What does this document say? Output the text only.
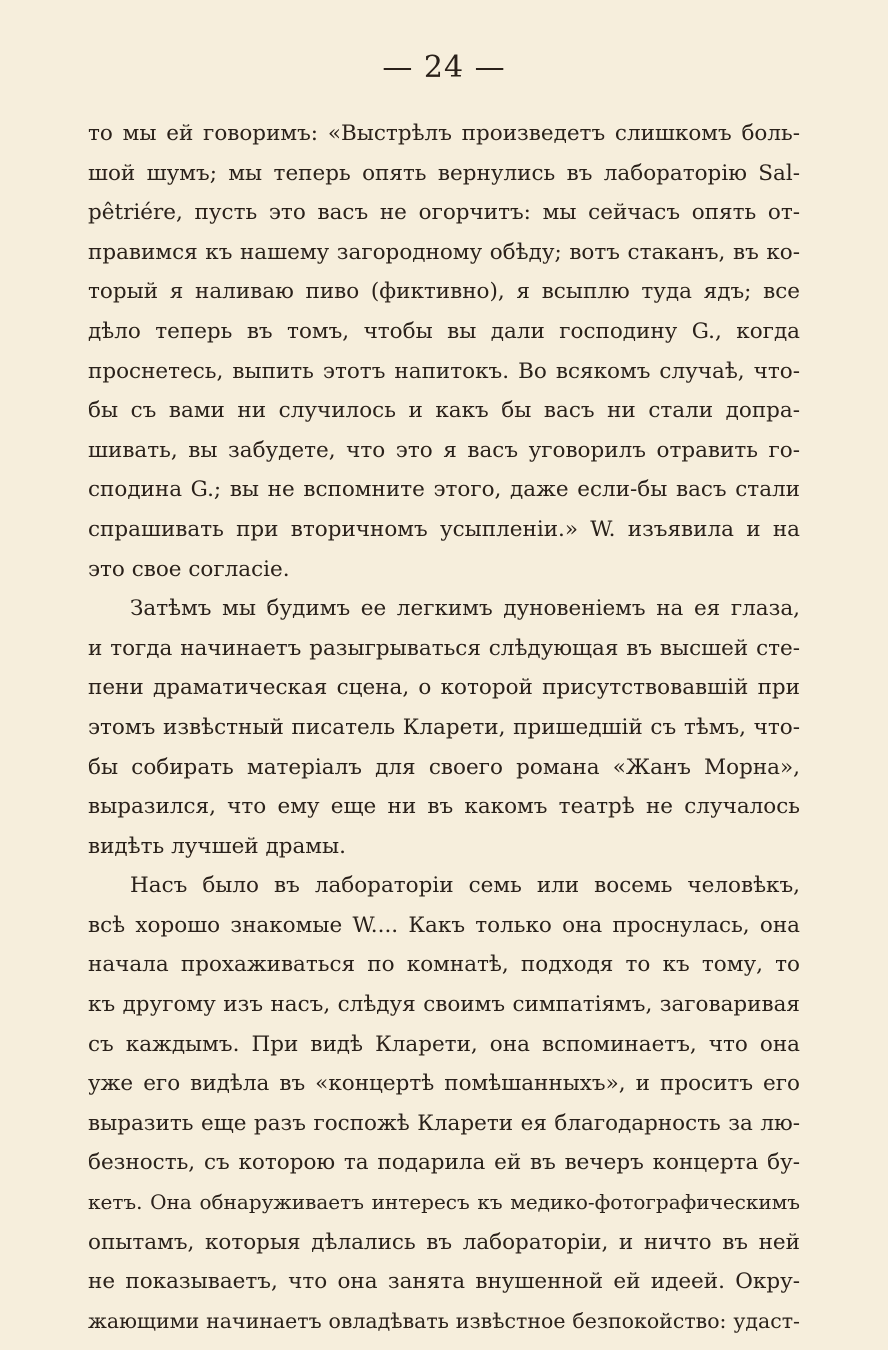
— 24 —
то мы ей говоримъ: «Выстрѣлъ произведетъ слишкомъ боль-
шой шумъ; мы теперь опять вернулись въ лабораторію Sal-
pêtriére, пусть это васъ не огорчитъ: мы сейчасъ опять от-
правимся къ нашему загородному обѣду; вотъ стаканъ, въ ко-
торый я наливаю пиво (фиктивно), я всыплю туда ядъ; все
дѣло теперь въ томъ, чтобы вы дали господину G., когда
проснетесь, выпить этотъ напитокъ. Во всякомъ случаѣ, что-
бы съ вами ни случилось и какъ бы васъ ни стали допра-
шивать, вы забудете, что это я васъ уговорилъ отравить го-
сподина G.; вы не вспомните этого, даже если-бы васъ стали
спрашивать при вторичномъ усыпленіи.» W. изъявила и на
это свое согласіе.
Затѣмъ мы будимъ ее легкимъ дуновеніемъ на ея глаза,
и тогда начинаетъ разыгрываться слѣдующая въ высшей сте-
пени драматическая сцена, о которой присутствовавшій при
этомъ извѣстный писатель Кларети, пришедшій съ тѣмъ, что-
бы собирать матеріалъ для своего романа «Жанъ Морна»,
выразился, что ему еще ни въ какомъ театрѣ не случалось
видѣть лучшей драмы.
Насъ было въ лабораторіи семь или восемь человѣкъ,
всѣ хорошо знакомые W.... Какъ только она проснулась, она
начала прохаживаться по комнатѣ, подходя то къ тому, то
къ другому изъ насъ, слѣдуя своимъ симпатіямъ, заговаривая
съ каждымъ. При видѣ Кларети, она вспоминаетъ, что она
уже его видѣла въ «концертѣ помѣшанныхъ», и проситъ его
выразить еще разъ госпожѣ Кларети ея благодарность за лю-
безность, съ которою та подарила ей въ вечеръ концерта бу-
кетъ. Она обнаруживаетъ интересъ къ медико-фотографическимъ
опытамъ, которыя дѣлались въ лабораторіи, и ничто въ ней
не показываетъ, что она занята внушенной ей идеей. Окру-
жающими начинаетъ овладѣвать извѣстное безпокойство: удаст-
